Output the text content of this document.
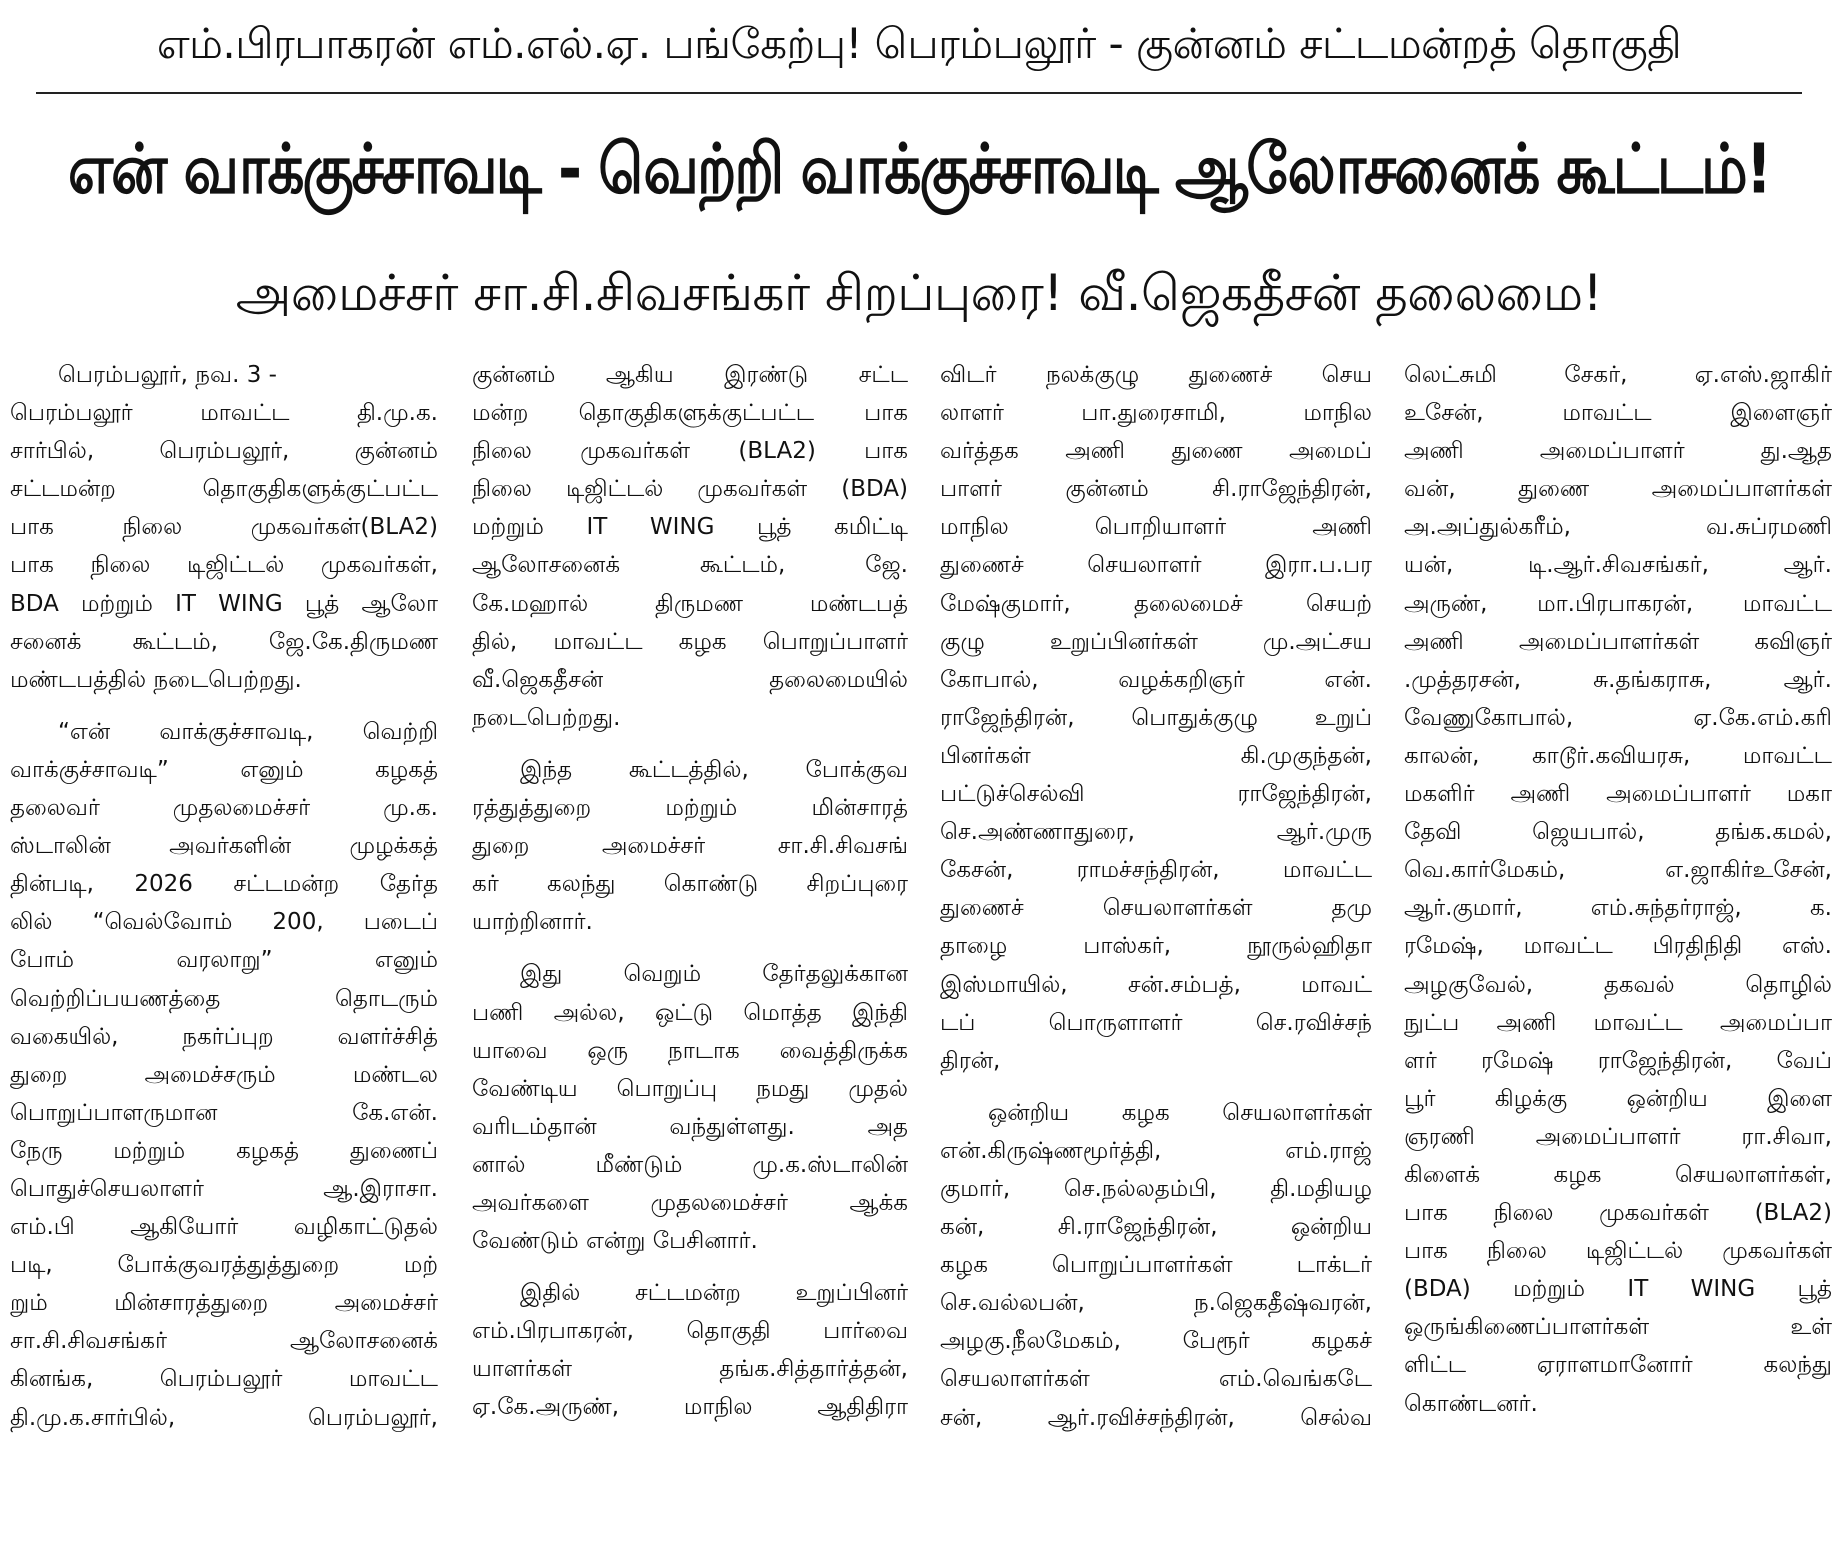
எம்.பிரபாகரன் எம்.எல்.ஏ. பங்கேற்பு! பெரம்பலூர் - குன்னம் சட்டமன்றத் தொகுதி
என் வாக்குச்சாவடி - வெற்றி வாக்குச்சாவடி ஆலோசனைக் கூட்டம்!
அமைச்சர் சா.சி.சிவசங்கர் சிறப்புரை! வீ.ஜெகதீசன் தலைமை!
பெரம்பலூர், நவ. 3 -
பெரம்பலூர் மாவட்ட தி.மு.க.
சார்பில், பெரம்பலூர், குன்னம்
சட்டமன்ற தொகுதிகளுக்குட்பட்ட
பாக நிலை முகவர்கள்(BLA2)
பாக நிலை டிஜிட்டல் முகவர்கள்,
BDA மற்றும் IT WING பூத் ஆலோ
சனைக் கூட்டம், ஜே.கே.திருமண
மண்டபத்தில் நடைபெற்றது.
“என் வாக்குச்சாவடி, வெற்றி
வாக்குச்சாவடி” எனும் கழகத்
தலைவர் முதலமைச்சர் மு.க.
ஸ்டாலின் அவர்களின் முழக்கத்
தின்படி, 2026 சட்டமன்ற தேர்த
லில் “வெல்வோம் 200, படைப்
போம் வரலாறு” எனும்
வெற்றிப்பயணத்தை தொடரும்
வகையில், நகர்ப்புற வளர்ச்சித்
துறை அமைச்சரும் மண்டல
பொறுப்பாளருமான கே.என்.
நேரு மற்றும் கழகத் துணைப்
பொதுச்செயலாளர் ஆ.இராசா.
எம்.பி ஆகியோர் வழிகாட்டுதல்
படி, போக்குவரத்துத்துறை மற்
றும் மின்சாரத்துறை அமைச்சர்
சா.சி.சிவசங்கர் ஆலோசனைக்
கினங்க, பெரம்பலூர் மாவட்ட
தி.மு.க.சார்பில், பெரம்பலூர்,
குன்னம் ஆகிய இரண்டு சட்ட
மன்ற தொகுதிகளுக்குட்பட்ட பாக
நிலை முகவர்கள் (BLA2) பாக
நிலை டிஜிட்டல் முகவர்கள் (BDA)
மற்றும் IT WING பூத் கமிட்டி
ஆலோசனைக் கூட்டம், ஜே.
கே.மஹால் திருமண மண்டபத்
தில், மாவட்ட கழக பொறுப்பாளர்
வீ.ஜெகதீசன் தலைமையில்
நடைபெற்றது.
இந்த கூட்டத்தில், போக்குவ
ரத்துத்துறை மற்றும் மின்சாரத்
துறை அமைச்சர் சா.சி.சிவசங்
கர் கலந்து கொண்டு சிறப்புரை
யாற்றினார்.
இது வெறும் தேர்தலுக்கான
பணி அல்ல, ஒட்டு மொத்த இந்தி
யாவை ஒரு நாடாக வைத்திருக்க
வேண்டிய பொறுப்பு நமது முதல்
வரிடம்தான் வந்துள்ளது. அத
னால் மீண்டும் மு.க.ஸ்டாலின்
அவர்களை முதலமைச்சர் ஆக்க
வேண்டும் என்று பேசினார்.
இதில் சட்டமன்ற உறுப்பினர்
எம்.பிரபாகரன், தொகுதி பார்வை
யாளர்கள் தங்க.சித்தார்த்தன்,
ஏ.கே.அருண், மாநில ஆதிதிரா
விடர் நலக்குழு துணைச் செய
லாளர் பா.துரைசாமி, மாநில
வர்த்தக அணி துணை அமைப்
பாளர் குன்னம் சி.ராஜேந்திரன்,
மாநில பொறியாளர் அணி
துணைச் செயலாளர் இரா.ப.பர
மேஷ்குமார், தலைமைச் செயற்
குழு உறுப்பினர்கள் மு.அட்சய
கோபால், வழக்கறிஞர் என்.
ராஜேந்திரன், பொதுக்குழு உறுப்
பினர்கள் கி.முகுந்தன்,
பட்டுச்செல்வி ராஜேந்திரன்,
செ.அண்ணாதுரை, ஆர்.முரு
கேசன், ராமச்சந்திரன், மாவட்ட
துணைச் செயலாளர்கள் தமு
தாழை பாஸ்கர், நூருல்ஹிதா
இஸ்மாயில், சன்.சம்பத், மாவட்
டப் பொருளாளர் செ.ரவிச்சந்
திரன்,
ஒன்றிய கழக செயலாளர்கள்
என்.கிருஷ்ணமூர்த்தி, எம்.ராஜ்
குமார், செ.நல்லதம்பி, தி.மதியழ
கன், சி.ராஜேந்திரன், ஒன்றிய
கழக பொறுப்பாளர்கள் டாக்டர்
செ.வல்லபன், ந.ஜெகதீஷ்வரன்,
அழகு.நீலமேகம், பேரூர் கழகச்
செயலாளர்கள் எம்.வெங்கடே
சன், ஆர்.ரவிச்சந்திரன், செல்வ
லெட்சுமி சேகர், ஏ.எஸ்.ஜாகிர்
உசேன், மாவட்ட இளைஞர்
அணி அமைப்பாளர் து.ஆத
வன், துணை அமைப்பாளர்கள்
அ.அப்துல்கரீம், வ.சுப்ரமணி
யன், டி.ஆர்.சிவசங்கர், ஆர்.
அருண், மா.பிரபாகரன், மாவட்ட
அணி அமைப்பாளர்கள் கவிஞர்
.முத்தரசன், சு.தங்கராசு, ஆர்.
வேணுகோபால், ஏ.கே.எம்.கரி
காலன், காடூர்.கவியரசு, மாவட்ட
மகளிர் அணி அமைப்பாளர் மகா
தேவி ஜெயபால், தங்க.கமல்,
வெ.கார்மேகம், எ.ஜாகிர்உசேன்,
ஆர்.குமார், எம்.சுந்தர்ராஜ், க.
ரமேஷ், மாவட்ட பிரதிநிதி எஸ்.
அழகுவேல், தகவல் தொழில்
நுட்ப அணி மாவட்ட அமைப்பா
ளர் ரமேஷ் ராஜேந்திரன், வேப்
பூர் கிழக்கு ஒன்றிய இளை
ஞரணி அமைப்பாளர் ரா.சிவா,
கிளைக் கழக செயலாளர்கள்,
பாக நிலை முகவர்கள் (BLA2)
பாக நிலை டிஜிட்டல் முகவர்கள்
(BDA) மற்றும் IT WING பூத்
ஒருங்கிணைப்பாளர்கள் உள்
ளிட்ட ஏராளமானோர் கலந்து
கொண்டனர்.
